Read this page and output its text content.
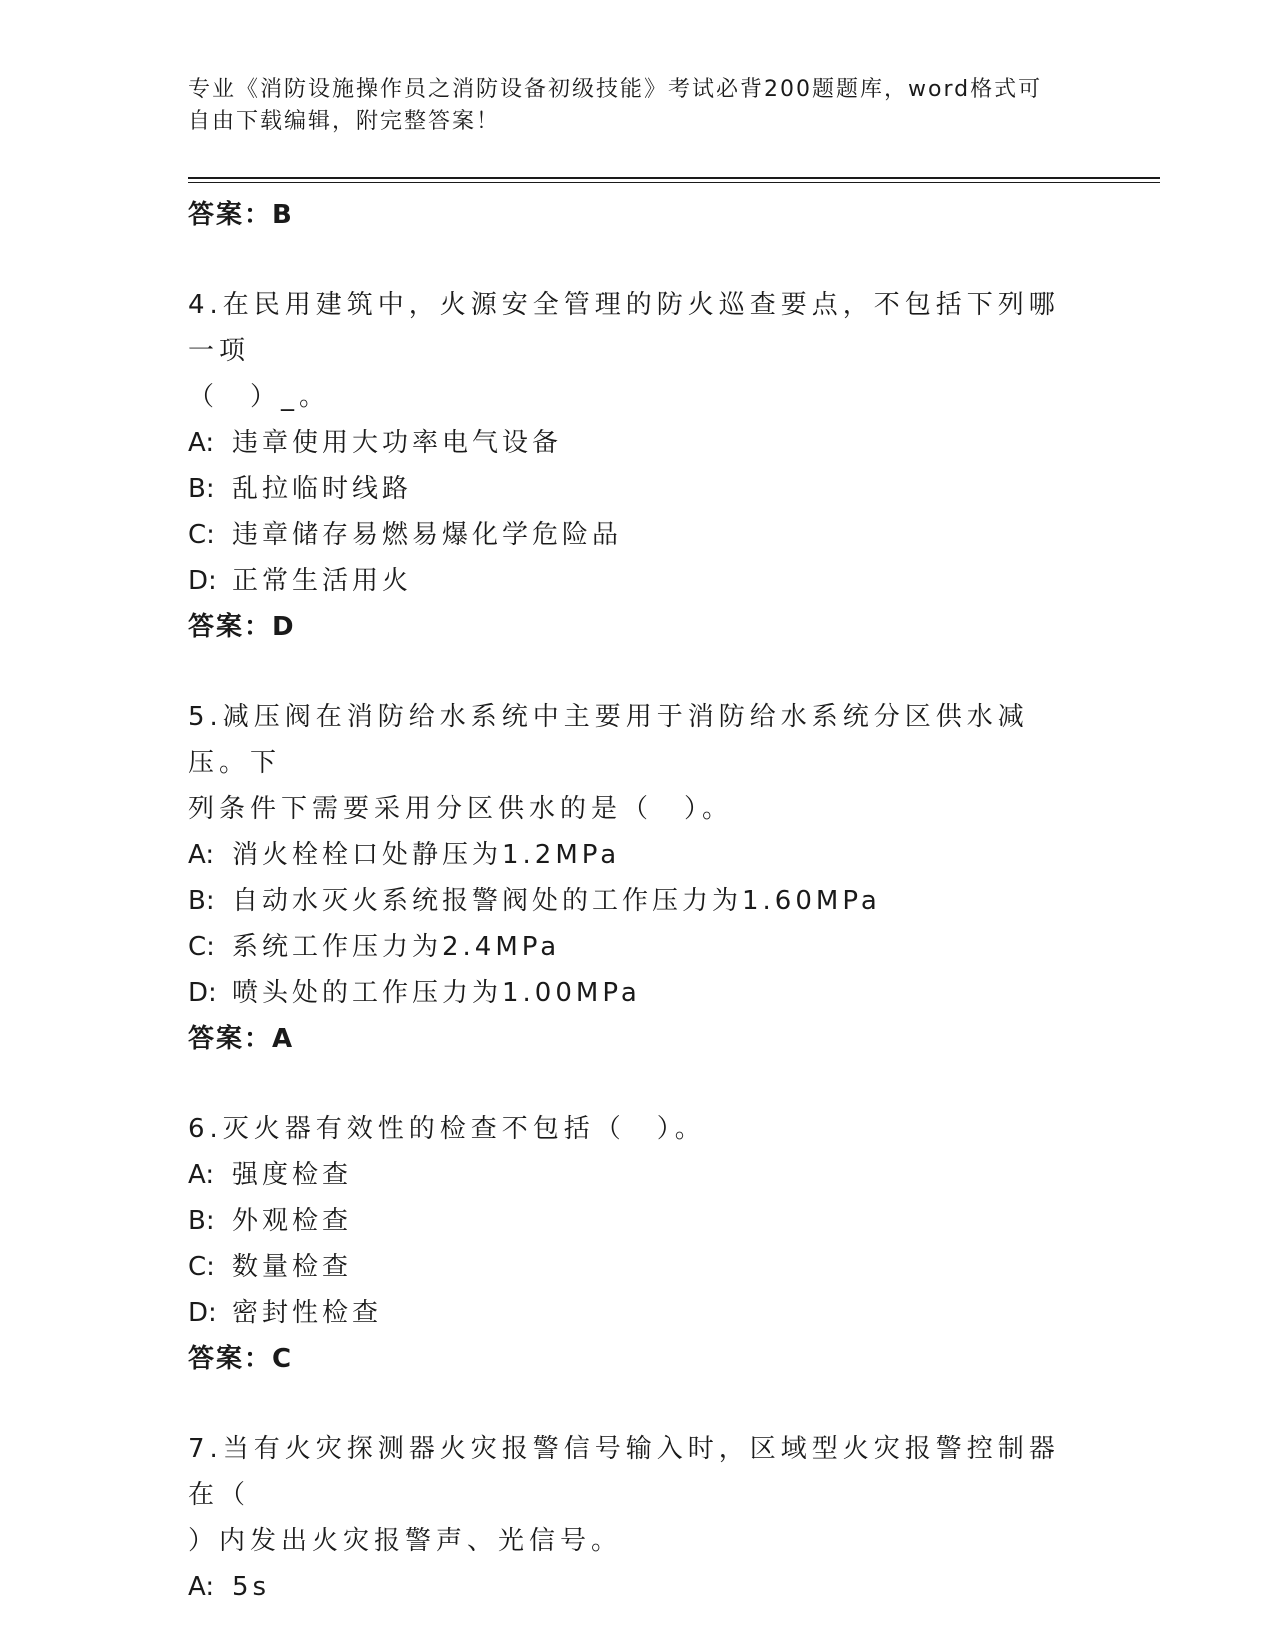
专业《消防设施操作员之消防设备初级技能》考试必背200题题库，word格式可
自由下载编辑，附完整答案！

答案：B

4.在民用建筑中，火源安全管理的防火巡查要点，不包括下列哪一项

（　）_。

A: 违章使用大功率电气设备

B: 乱拉临时线路

C: 违章储存易燃易爆化学危险品

D: 正常生活用火

答案：D

5.减压阀在消防给水系统中主要用于消防给水系统分区供水减压。下

列条件下需要采用分区供水的是（　）。

A: 消火栓栓口处静压为1.2MPa

B: 自动水灭火系统报警阀处的工作压力为1.60MPa

C: 系统工作压力为2.4MPa

D: 喷头处的工作压力为1.00MPa

答案：A

6.灭火器有效性的检查不包括（　）。

A: 强度检查

B: 外观检查

C: 数量检查

D: 密封性检查

答案：C

7.当有火灾探测器火灾报警信号输入时，区域型火灾报警控制器在（

）内发出火灾报警声、光信号。

A: 5s
